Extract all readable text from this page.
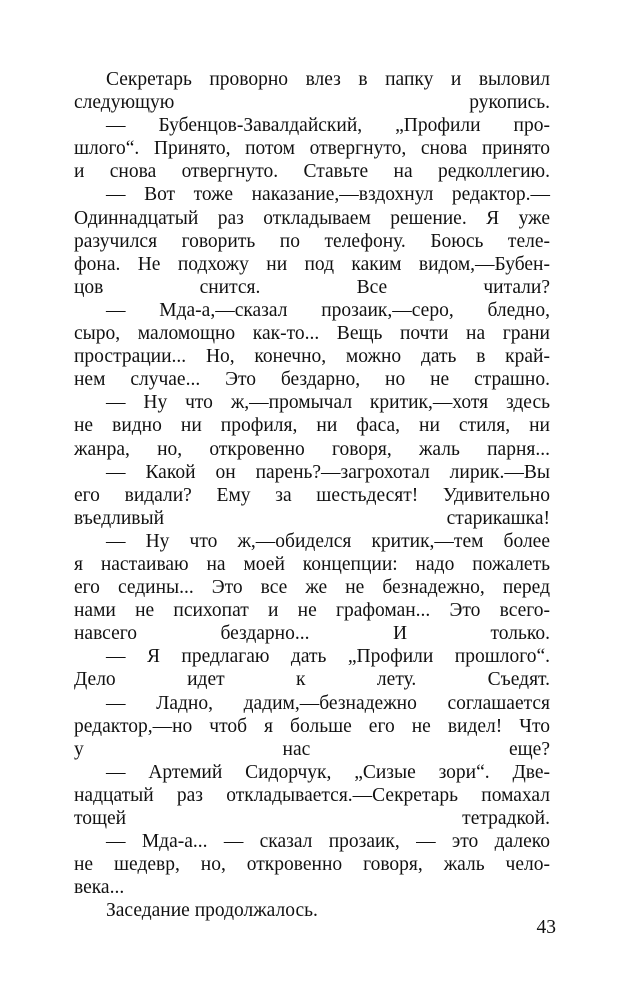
Секретарь проворно влез в папку и выловил
следующую рукопись.

— Бубенцов-Завалдайский, „Профили про-
шлого“. Принято, потом отвергнуто, снова принято
и снова отвергнуто. Ставьте на редколлегию.

— Вот тоже наказание,—вздохнул редактор.—
Одиннадцатый раз откладываем решение. Я уже
разучился говорить по телефону. Боюсь теле-
фона. Не подхожу ни под каким видом,—Бубен-
цов снится. Все читали?

— Мда-а,—сказал прозаик,—серо, бледно,
сыро, маломощно как-то... Вещь почти на грани
прострации... Но, конечно, можно дать в край-
нем случае... Это бездарно, но не страшно.

— Ну что ж,—промычал критик,—хотя здесь
не видно ни профиля, ни фаса, ни стиля, ни
жанра, но, откровенно говоря, жаль парня...

— Какой он парень?—загрохотал лирик.—Вы
его видали? Ему за шестьдесят! Удивительно
въедливый старикашка!

— Ну что ж,—обиделся критик,—тем более
я настаиваю на моей концепции: надо пожалеть
его седины... Это все же не безнадежно, перед
нами не психопат и не графоман... Это всего-
навсего бездарно... И только.

— Я предлагаю дать „Профили прошлого“.
Дело идет к лету. Съедят.

— Ладно, дадим,—безнадежно соглашается
редактор,—но чтоб я больше его не видел! Что
у нас еще?

— Артемий Сидорчук, „Сизые зори“. Две-
надцатый раз откладывается.—Секретарь помахал
тощей тетрадкой.

— Мда-а... — сказал прозаик, — это далеко
не шедевр, но, откровенно говоря, жаль чело-
века...

Заседание продолжалось.

43
